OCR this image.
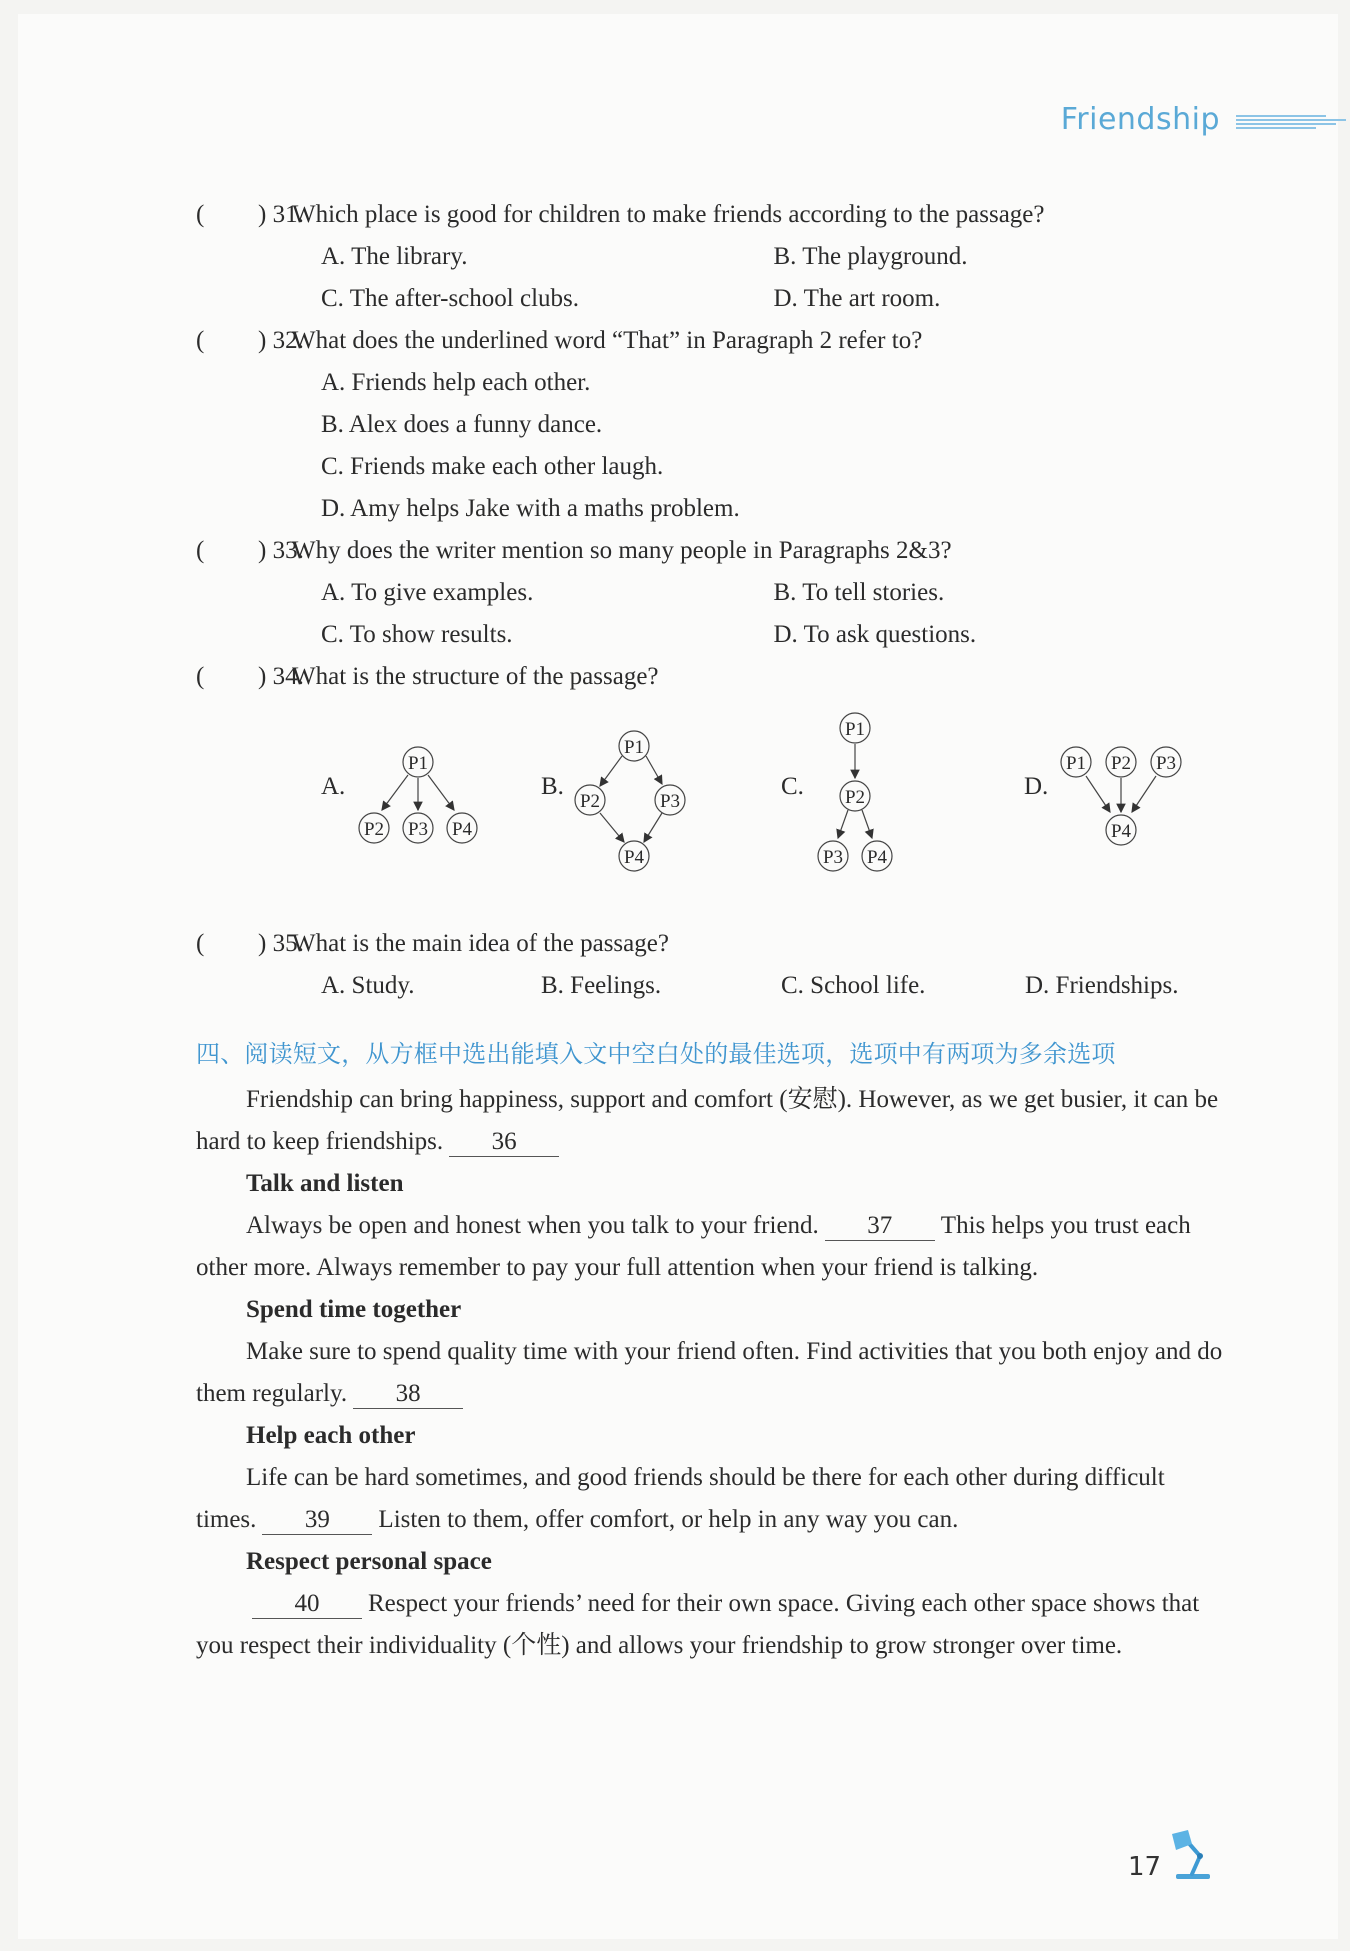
Friendship
( ) 31.
Which place is good for children to make friends according to the passage?
A. The library.	B. The playground.
C. The after-school clubs.	D. The art room.
( ) 32.
What does the underlined word “That” in Paragraph 2 refer to?
A. Friends help each other.
B. Alex does a funny dance.
C. Friends make each other laugh.
D. Amy helps Jake with a maths problem.
( ) 33.
Why does the writer mention so many people in Paragraphs 2&3?
A. To give examples.	B. To tell stories.
C. To show results.	D. To ask questions.
( ) 34.
What is the structure of the passage?
A.
P1
P2 P3 P4
B.
P1
P2	P3
P4
C.
P1
P2
P3 P4
D.
P1 P2 P3
P4
( ) 35.
What is the main idea of the passage?
A. Study.	B. Feelings.	C. School life.	D. Friendships.
四、阅读短文，从方框中选出能填入文中空白处的最佳选项，选项中有两项为多余选项
Friendship can bring happiness, support and comfort (安慰). However, as we get busier, it can be hard to keep friendships. 36
Talk and listen
Always be open and honest when you talk to your friend. 37 This helps you trust each other more. Always remember to pay your full attention when your friend is talking.
Spend time together
Make sure to spend quality time with your friend often. Find activities that you both enjoy and do them regularly. 38
Help each other
Life can be hard sometimes, and good friends should be there for each other during difficult times. 39 Listen to them, offer comfort, or help in any way you can.
Respect personal space
40 Respect your friends’ need for their own space. Giving each other space shows that you respect their individuality (个性) and allows your friendship to grow stronger over time.
17
